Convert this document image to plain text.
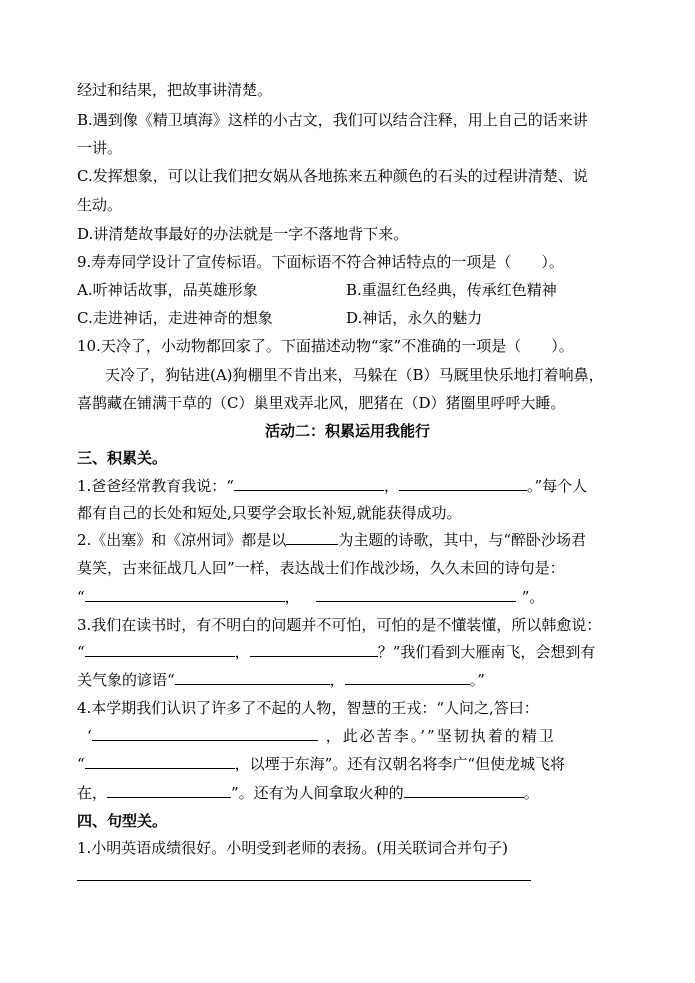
经过和结果，把故事讲清楚。
B.遇到像《精卫填海》这样的小古文，我们可以结合注释，用上自己的话来讲
一讲。
C.发挥想象，可以让我们把女娲从各地拣来五种颜色的石头的过程讲清楚、说
生动。
D.讲清楚故事最好的办法就是一字不落地背下来。
9.寿寿同学设计了宣传标语。下面标语不符合神话特点的一项是（　　）。
A.听神话故事，品英雄形象	B.重温红色经典，传承红色精神
C.走进神话，走进神奇的想象	D.神话，永久的魅力
10.天冷了，小动物都回家了。下面描述动物“家”不准确的一项是（　　）。
天冷了，狗钻进(A)狗棚里不肯出来，马躲在（B）马厩里快乐地打着响鼻，
喜鹊藏在铺满干草的（C）巢里戏弄北风，肥猪在（D）猪圈里呼呼大睡。
活动二：积累运用我能行
三、积累关。
1.爸爸经常教育我说：“	，	。”每个人
都有自己的长处和短处,只要学会取长补短,就能获得成功。
2.《出塞》和《凉州词》都是以	为主题的诗歌，其中，与“醉卧沙场君
莫笑，古来征战几人回”一样，表达战士们作战沙场，久久未回的诗句是：
“	，	”。
3.我们在读书时，有不明白的问题并不可怕，可怕的是不懂装懂，所以韩愈说：
“	，	？”我们看到大雁南飞，会想到有
关气象的谚语“	，	。”
4.本学期我们认识了许多了不起的人物，智慧的王戎：“人问之,答曰：
‘	，此必苦李。’”坚韧执着的精卫
“	，以堙于东海”。还有汉朝名将李广“但使龙城飞将
在，	”。还有为人间拿取火种的	。
四、句型关。
1.小明英语成绩很好。小明受到老师的表扬。(用关联词合并句子)
